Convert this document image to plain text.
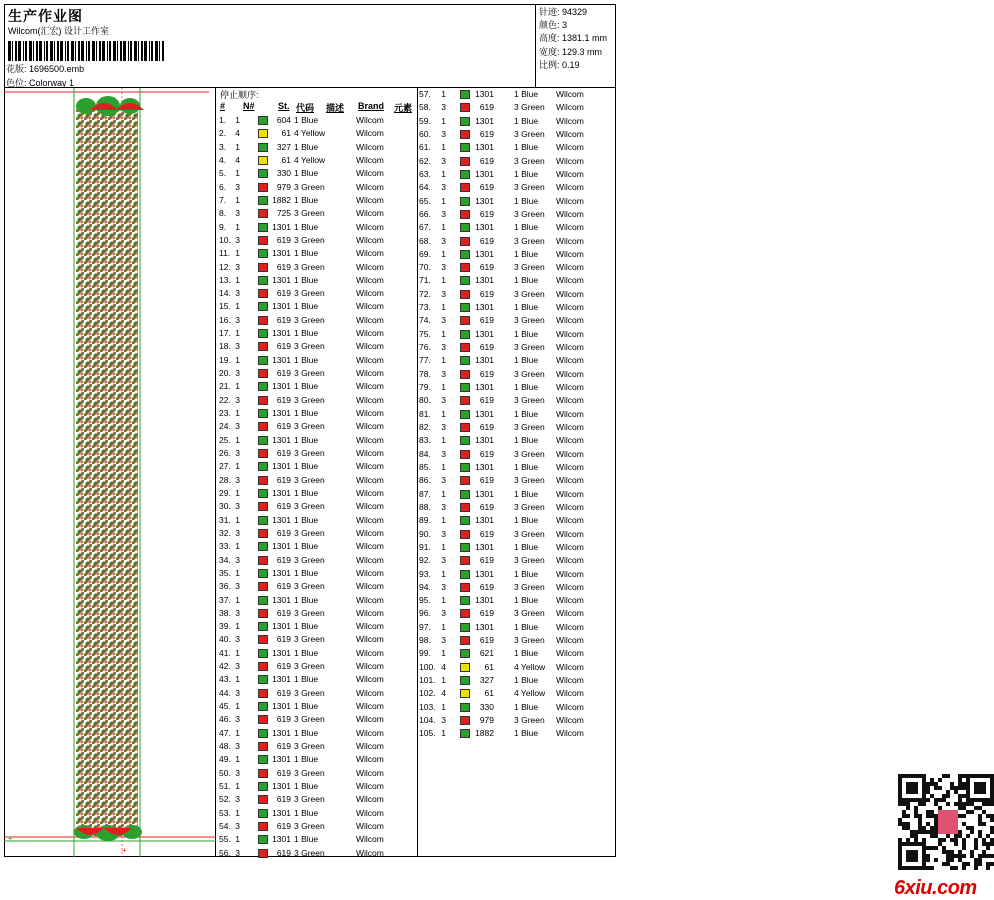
生产作业图
Wilcom(汇宏) 设计工作室
花版: 1696500.emb
色位: Colorway 1
针迹: 94329
颜色: 3
高度: 1381.1 mm
宽度: 129.3 mm
比例: 0.19
+
+
停止顺序:
# N#	St. 代码 描述 Brand 元素
1.	1	604 1 Blue	Wilcom
2.	4	61 4 Yellow	Wilcom
3.	1	327 1 Blue	Wilcom
4.	4	61 4 Yellow	Wilcom
5.	1	330 1 Blue	Wilcom
6.	3	979 3 Green	Wilcom
7.	1	1882 1 Blue	Wilcom
8.	3	725 3 Green	Wilcom
9.	1	1301 1 Blue	Wilcom
10. 3	619 3 Green	Wilcom
11. 1	1301 1 Blue	Wilcom
12. 3	619 3 Green	Wilcom
13. 1	1301 1 Blue	Wilcom
14. 3	619 3 Green	Wilcom
15. 1	1301 1 Blue	Wilcom
16. 3	619 3 Green	Wilcom
17. 1	1301 1 Blue	Wilcom
18. 3	619 3 Green	Wilcom
19. 1	1301 1 Blue	Wilcom
20. 3	619 3 Green	Wilcom
21. 1	1301 1 Blue	Wilcom
22. 3	619 3 Green	Wilcom
23. 1	1301 1 Blue	Wilcom
24. 3	619 3 Green	Wilcom
25. 1	1301 1 Blue	Wilcom
26. 3	619 3 Green	Wilcom
27. 1	1301 1 Blue	Wilcom
28. 3	619 3 Green	Wilcom
29. 1	1301 1 Blue	Wilcom
30. 3	619 3 Green	Wilcom
31. 1	1301 1 Blue	Wilcom
32. 3	619 3 Green	Wilcom
33. 1	1301 1 Blue	Wilcom
34. 3	619 3 Green	Wilcom
35. 1	1301 1 Blue	Wilcom
36. 3	619 3 Green	Wilcom
37. 1	1301 1 Blue	Wilcom
38. 3	619 3 Green	Wilcom
39. 1	1301 1 Blue	Wilcom
40. 3	619 3 Green	Wilcom
41. 1	1301 1 Blue	Wilcom
42. 3	619 3 Green	Wilcom
43. 1	1301 1 Blue	Wilcom
44. 3	619 3 Green	Wilcom
45. 1	1301 1 Blue	Wilcom
46. 3	619 3 Green	Wilcom
47. 1	1301 1 Blue	Wilcom
48. 3	619 3 Green	Wilcom
49. 1	1301 1 Blue	Wilcom
50. 3	619 3 Green	Wilcom
51. 1	1301 1 Blue	Wilcom
52. 3	619 3 Green	Wilcom
53. 1	1301 1 Blue	Wilcom
54. 3	619 3 Green	Wilcom
55. 1	1301 1 Blue	Wilcom
56. 3	619 3 Green	Wilcom
57.	1	1301 1 Blue Wilcom
58.	3	619 3 Green Wilcom
59.	1	1301 1 Blue Wilcom
60.	3	619 3 Green Wilcom
61.	1	1301 1 Blue Wilcom
62.	3	619 3 Green Wilcom
63.	1	1301 1 Blue Wilcom
64.	3	619 3 Green Wilcom
65.	1	1301 1 Blue Wilcom
66.	3	619 3 Green Wilcom
67.	1	1301 1 Blue Wilcom
68.	3	619 3 Green Wilcom
69.	1	1301 1 Blue Wilcom
70.	3	619 3 Green Wilcom
71.	1	1301 1 Blue Wilcom
72.	3	619 3 Green Wilcom
73.	1	1301 1 Blue Wilcom
74.	3	619 3 Green Wilcom
75.	1	1301 1 Blue Wilcom
76.	3	619 3 Green Wilcom
77.	1	1301 1 Blue Wilcom
78.	3	619 3 Green Wilcom
79.	1	1301 1 Blue Wilcom
80.	3	619 3 Green Wilcom
81.	1	1301 1 Blue Wilcom
82.	3	619 3 Green Wilcom
83.	1	1301 1 Blue Wilcom
84.	3	619 3 Green Wilcom
85.	1	1301 1 Blue Wilcom
86.	3	619 3 Green Wilcom
87.	1	1301 1 Blue Wilcom
88.	3	619 3 Green Wilcom
89.	1	1301 1 Blue Wilcom
90.	3	619 3 Green Wilcom
91.	1	1301 1 Blue Wilcom
92.	3	619 3 Green Wilcom
93.	1	1301 1 Blue Wilcom
94.	3	619 3 Green Wilcom
95.	1	1301 1 Blue Wilcom
96.	3	619 3 Green Wilcom
97.	1	1301 1 Blue Wilcom
98.	3	619 3 Green Wilcom
99.	1	621 1 Blue Wilcom
100. 4	61 4 Yellow Wilcom
101. 1	327 1 Blue Wilcom
102. 4	61 4 Yellow Wilcom
103. 1	330 1 Blue Wilcom
104. 3	979 3 Green Wilcom
105. 1	1882 1 Blue Wilcom
6xiu.com
